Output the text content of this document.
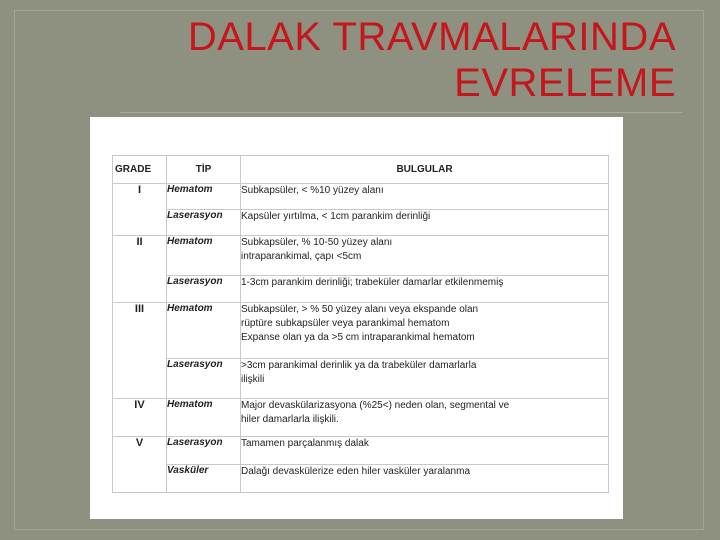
DALAK TRAVMALARINDA
EVRELEME
GRADE	TİP	BULGULAR
I	Hematom	Subkapsüler, < %10 yüzey alanı

	Laserasyon	Kapsüler yırtılma, < 1cm parankim derinliği

II	Hematom	Subkapsüler, % 10-50 yüzey alanı
intraparankimal, çapı <5cm

	Laserasyon	1-3cm parankim derinliği; trabeküler damarlar etkilenmemiş

III	Hematom	Subkapsüler, > % 50 yüzey alanı veya ekspande olan
rüptüre subkapsüler veya parankimal hematom
Expanse olan ya da >5 cm intraparankimal hematom

	Laserasyon	>3cm parankimal derinlik ya da trabeküler damarlarla
ilişkili

IV	Hematom	Major devaskülarizasyona (%25<) neden olan, segmental ve
hiler damarlarla ilişkili.

V	Laserasyon	Tamamen parçalanmış dalak

	Vasküler	Dalağı devaskülerize eden hiler vasküler yaralanma
